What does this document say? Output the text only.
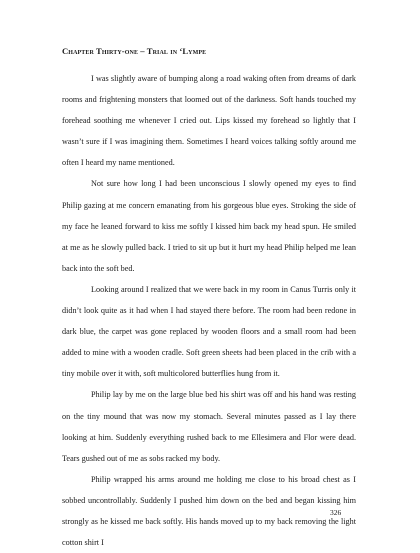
Chapter Thirty-one – Trial in ‘Lympe

I was slightly aware of bumping along a road waking often from dreams of dark rooms and frightening monsters that loomed out of the darkness. Soft hands touched my forehead soothing me whenever I cried out. Lips kissed my forehead so lightly that I wasn’t sure if I was imagining them. Sometimes I heard voices talking softly around me often I heard my name mentioned.

Not sure how long I had been unconscious I slowly opened my eyes to find Philip gazing at me concern emanating from his gorgeous blue eyes. Stroking the side of my face he leaned forward to kiss me softly I kissed him back my head spun. He smiled at me as he slowly pulled back. I tried to sit up but it hurt my head Philip helped me lean back into the soft bed.

Looking around I realized that we were back in my room in Canus Turris only it didn’t look quite as it had when I had stayed there before. The room had been redone in dark blue, the carpet was gone replaced by wooden floors and a small room had been added to mine with a wooden cradle. Soft green sheets had been placed in the crib with a tiny mobile over it with, soft multicolored butterflies hung from it.

Philip lay by me on the large blue bed his shirt was off and his hand was resting on the tiny mound that was now my stomach. Several minutes passed as I lay there looking at him. Suddenly everything rushed back to me Ellesimera and Flor were dead. Tears gushed out of me as sobs racked my body.

Philip wrapped his arms around me holding me close to his broad chest as I sobbed uncontrollably. Suddenly I pushed him down on the bed and began kissing him strongly as he kissed me back softly. His hands moved up to my back removing the light cotton shirt I

326
